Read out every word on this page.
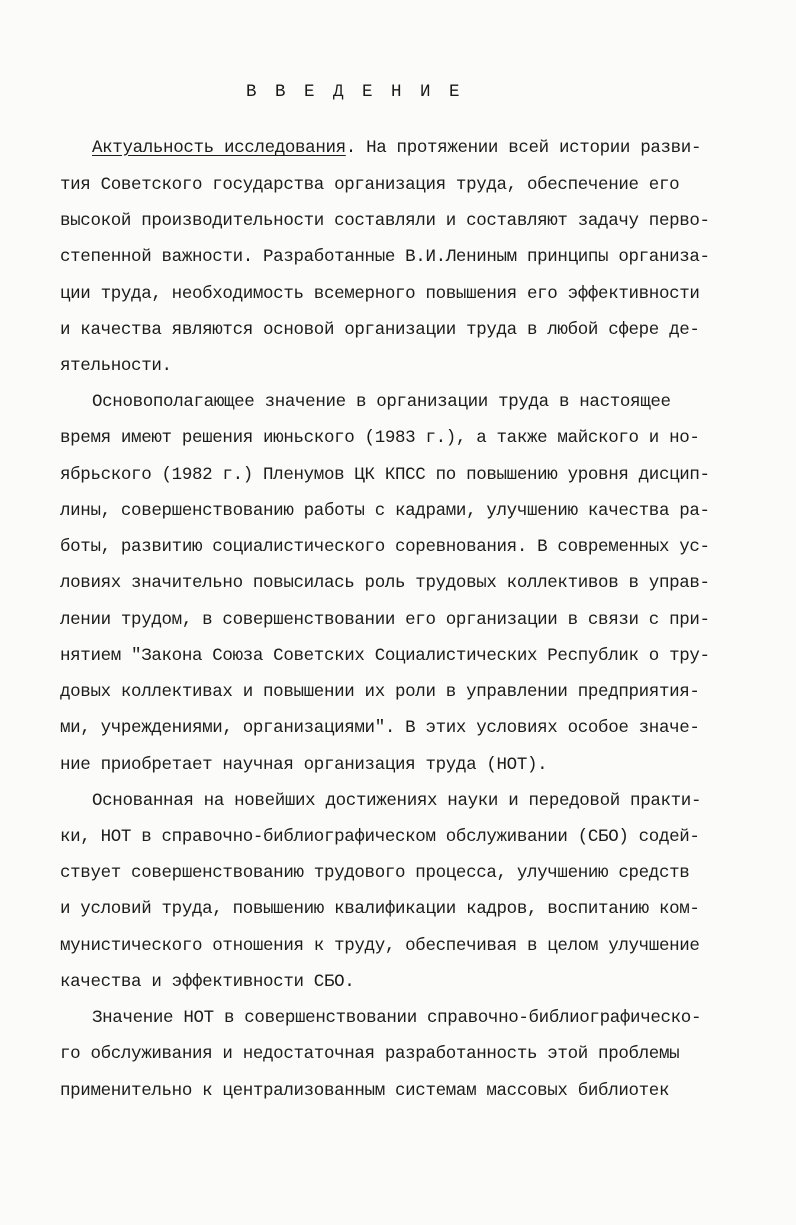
В В Е Д Е Н И Е
Актуальность исследования. На протяжении всей истории разви-
тия Советского государства организация труда, обеспечение его
высокой производительности составляли и составляют задачу перво-
степенной важности. Разработанные В.И.Лениным принципы организа-
ции труда, необходимость всемерного повышения его эффективности
и качества являются основой организации труда в любой сфере де-
ятельности.
Основополагающее значение в организации труда в настоящее
время имеют решения июньского (1983 г.), а также майского и но-
ябрьского (1982 г.) Пленумов ЦК КПСС по повышению уровня дисцип-
лины, совершенствованию работы с кадрами, улучшению качества ра-
боты, развитию социалистического соревнования. В современных ус-
ловиях значительно повысилась роль трудовых коллективов в управ-
лении трудом, в совершенствовании его организации в связи с при-
нятием "Закона Союза Советских Социалистических Республик о тру-
довых коллективах и повышении их роли в управлении предприятия-
ми, учреждениями, организациями". В этих условиях особое значе-
ние приобретает научная организация труда (НОТ).
Основанная на новейших достижениях науки и передовой практи-
ки, НОТ в справочно-библиографическом обслуживании (СБО) содей-
ствует совершенствованию трудового процесса, улучшению средств
и условий труда, повышению квалификации кадров, воспитанию ком-
мунистического отношения к труду, обеспечивая в целом улучшение
качества и эффективности СБО.
Значение НОТ в совершенствовании справочно-библиографическо-
го обслуживания и недостаточная разработанность этой проблемы
применительно к централизованным системам массовых библиотек
